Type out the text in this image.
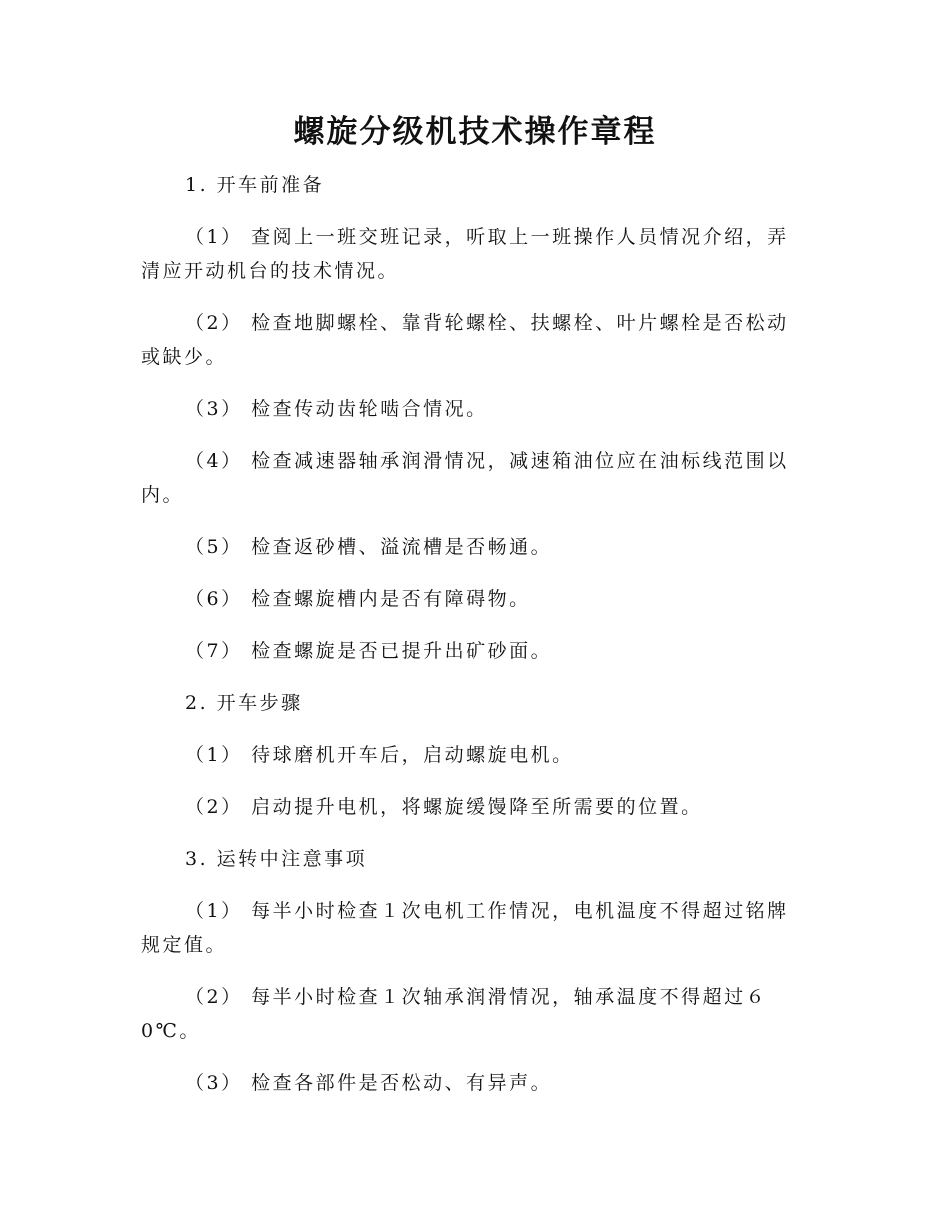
螺旋分级机技术操作章程

1. 开车前准备

（1） 查阅上一班交班记录，听取上一班操作人员情况介绍，弄清应开动机台的技术情况。

（2） 检查地脚螺栓、靠背轮螺栓、扶螺栓、叶片螺栓是否松动或缺少。

（3） 检查传动齿轮啮合情况。

（4） 检查减速器轴承润滑情况，减速箱油位应在油标线范围以内。

（5） 检查返砂槽、溢流槽是否畅通。

（6） 检查螺旋槽内是否有障碍物。

（7） 检查螺旋是否已提升出矿砂面。

2. 开车步骤

（1） 待球磨机开车后，启动螺旋电机。

（2） 启动提升电机，将螺旋缓馒降至所需要的位置。

3. 运转中注意事项

（1） 每半小时检查１次电机工作情况，电机温度不得超过铭牌规定值。

（2） 每半小时检查１次轴承润滑情况，轴承温度不得超过６0℃。

（3） 检查各部件是否松动、有异声。
